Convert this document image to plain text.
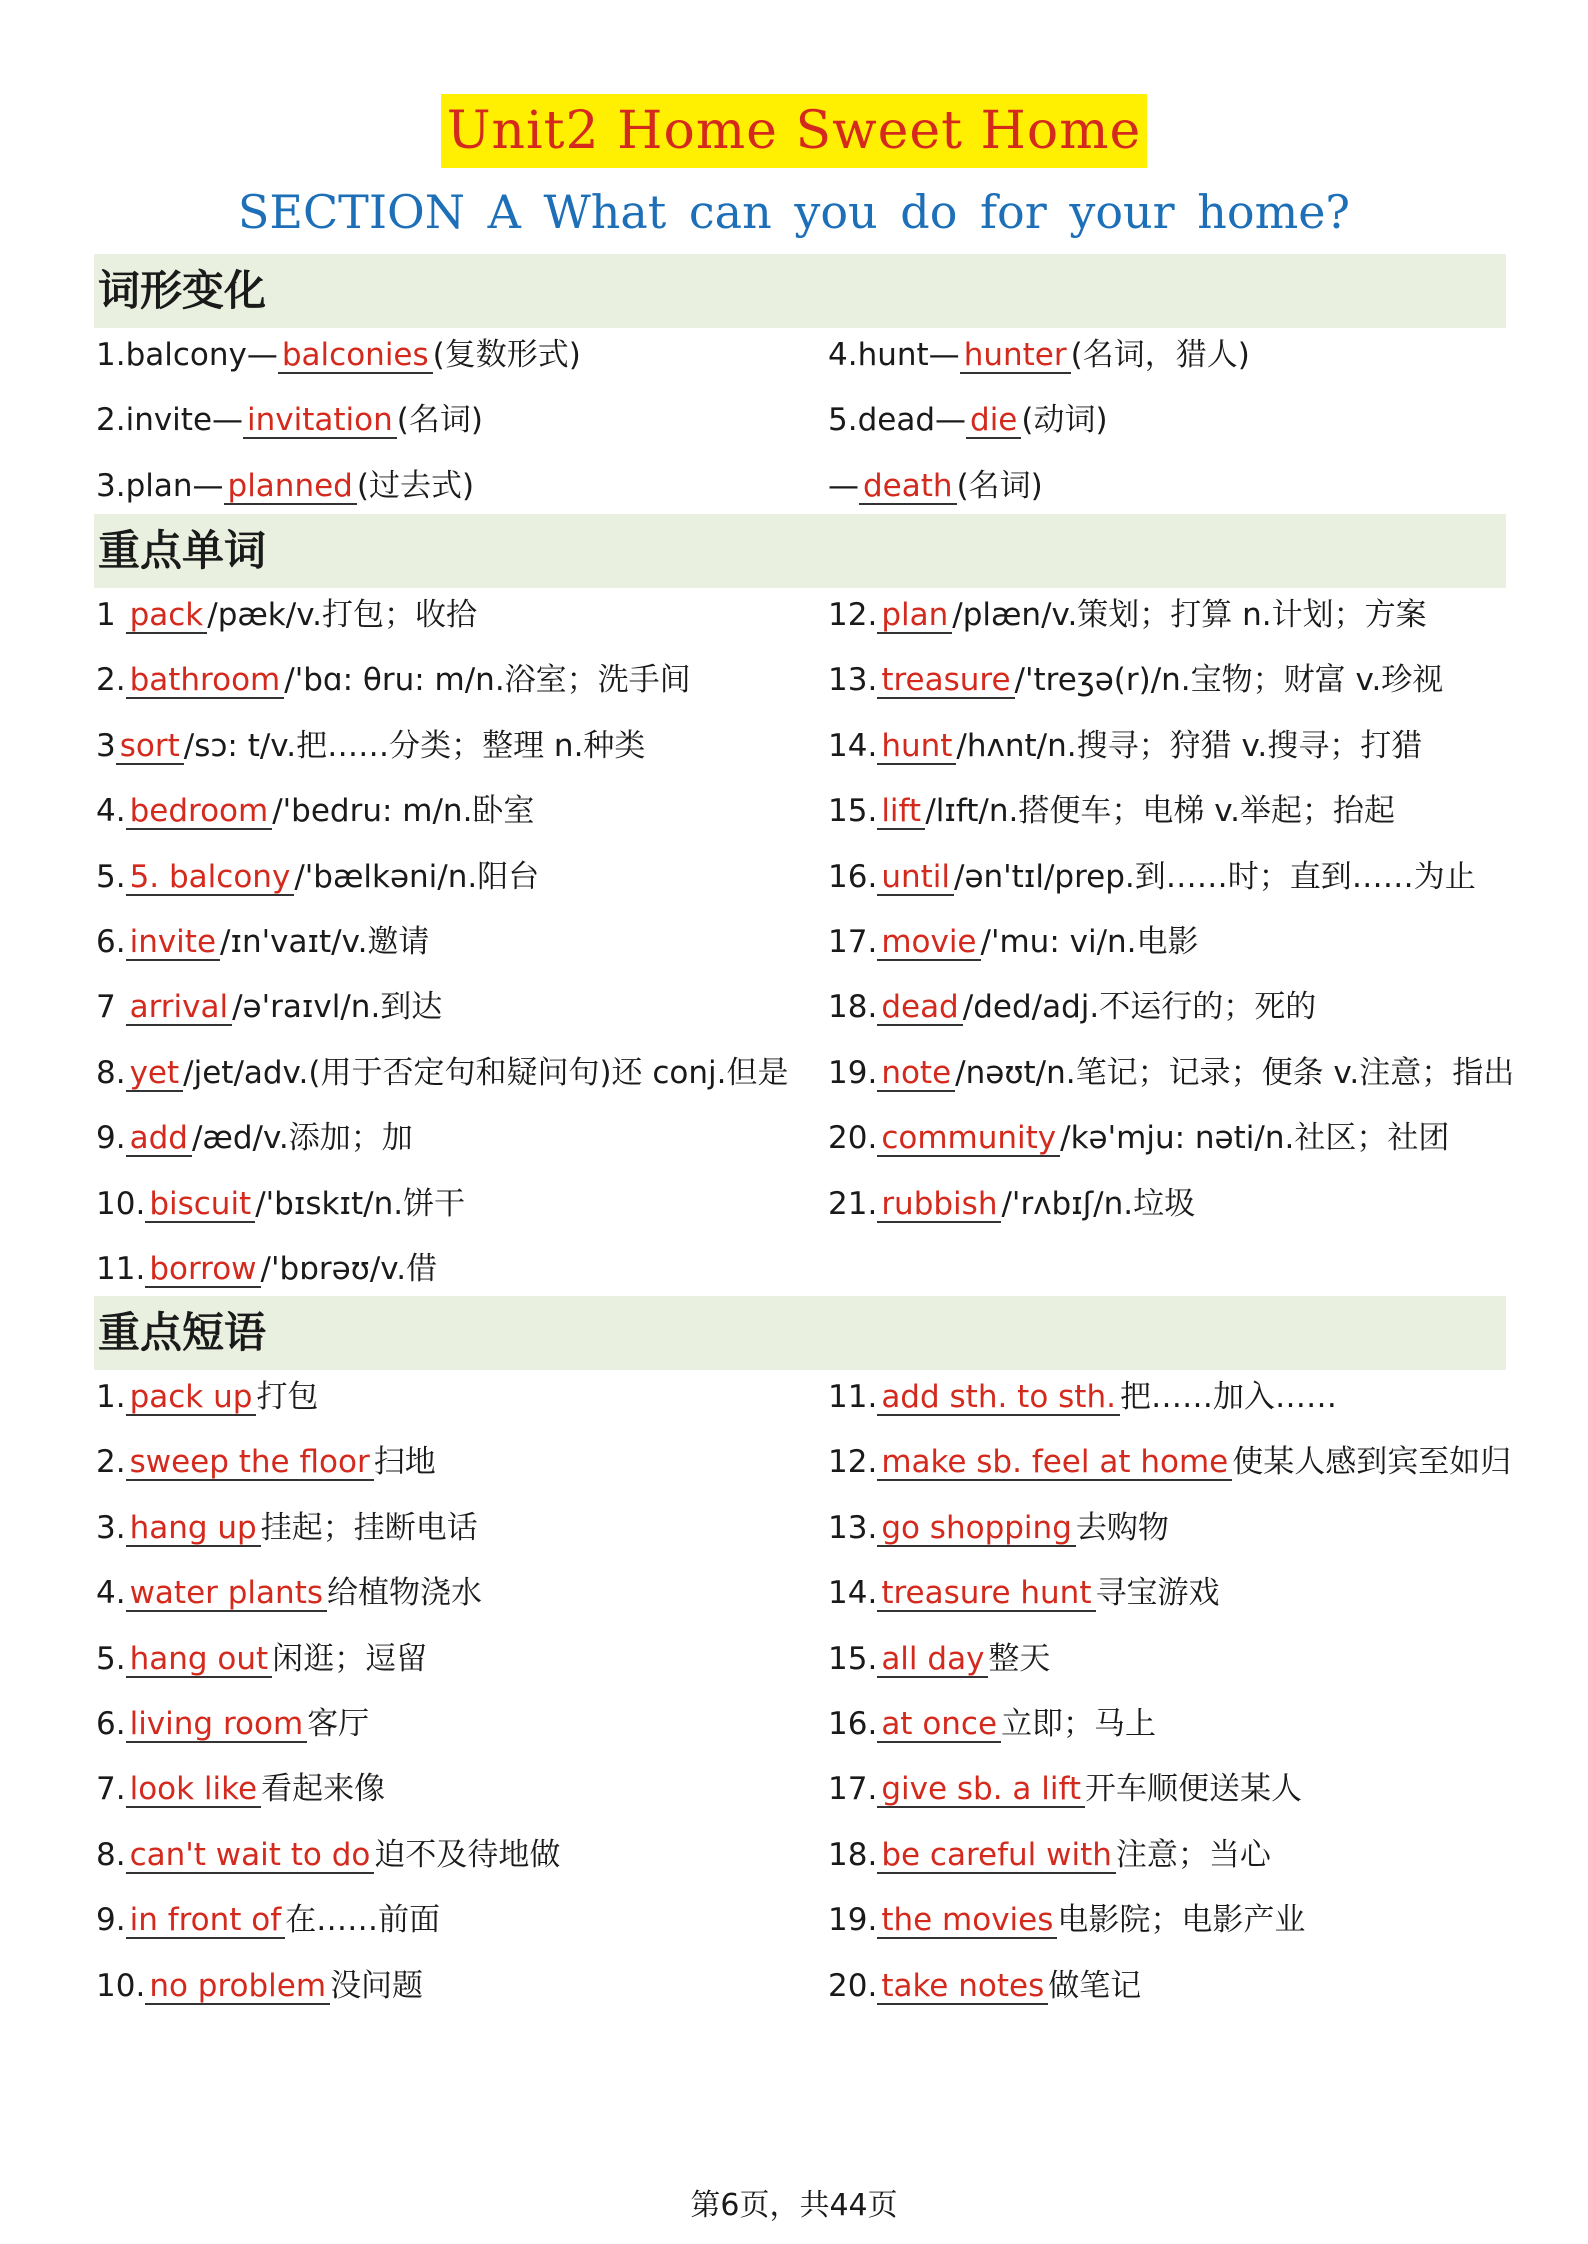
Unit2 Home Sweet Home
SECTION A What can you do for your home?
词形变化
1.balcony— balconies (复数形式)
2.invite— invitation (名词)
3.plan— planned (过去式)
4.hunt— hunter (名词，猎人)
5.dead— die (动词)
— death (名词)
重点单词
1 pack /pæk/v.打包；收拾
2. bathroom /'bɑ: θru: m/n.浴室；洗手间
3 sort /sɔ: t/v.把……分类；整理 n.种类
4. bedroom /'bedru: m/n.卧室
5. 5. balcony /'bælkəni/n.阳台
6. invite /ɪn'vaɪt/v.邀请
7 arrival /ə'raɪvl/n.到达
8. yet /jet/adv.(用于否定句和疑问句)还 conj.但是
9. add /æd/v.添加；加
10. biscuit /'bɪskɪt/n.饼干
11. borrow /'bɒrəʊ/v.借
12. plan /plæn/v.策划；打算 n.计划；方案
13. treasure /'treʒə(r)/n.宝物；财富 v.珍视
14. hunt /hʌnt/n.搜寻；狩猎 v.搜寻；打猎
15. lift /lɪft/n.搭便车；电梯 v.举起；抬起
16. until /ən'tɪl/prep.到……时；直到……为止
17. movie /'mu: vi/n.电影
18. dead /ded/adj.不运行的；死的
19. note /nəʊt/n.笔记；记录；便条 v.注意；指出
20. community /kə'mju: nəti/n.社区；社团
21. rubbish /'rʌbɪʃ/n.垃圾
重点短语
1. pack up 打包
2. sweep the floor 扫地
3. hang up 挂起；挂断电话
4. water plants 给植物浇水
5. hang out 闲逛；逗留
6. living room 客厅
7. look like 看起来像
8. can't wait to do 迫不及待地做
9. in front of 在……前面
10. no problem 没问题
11. add sth. to sth. 把……加入……
12. make sb. feel at home 使某人感到宾至如归
13. go shopping 去购物
14. treasure hunt 寻宝游戏
15. all day 整天
16. at once 立即；马上
17. give sb. a lift 开车顺便送某人
18. be careful with 注意；当心
19. the movies 电影院；电影产业
20. take notes 做笔记
第6页，共44页
